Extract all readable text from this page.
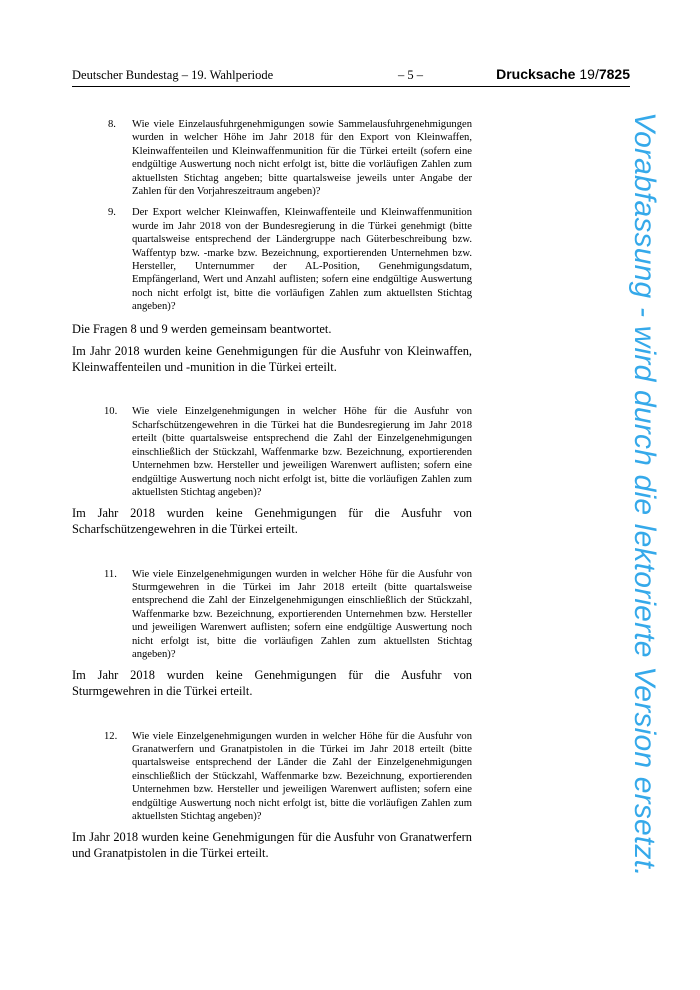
Deutscher Bundestag – 19. Wahlperiode	– 5 –	Drucksache 19/7825
8. Wie viele Einzelausfuhrgenehmigungen sowie Sammelausfuhrgenehmigungen wurden in welcher Höhe im Jahr 2018 für den Export von Kleinwaffen, Kleinwaffenteilen und Kleinwaffenmunition für die Türkei erteilt (sofern eine endgültige Auswertung noch nicht erfolgt ist, bitte die vorläufigen Zahlen zum aktuellsten Stichtag angeben; bitte quartalsweise jeweils unter Angabe der Zahlen für den Vorjahreszeitraum angeben)?
9. Der Export welcher Kleinwaffen, Kleinwaffenteile und Kleinwaffenmunition wurde im Jahr 2018 von der Bundesregierung in die Türkei genehmigt (bitte quartalsweise entsprechend der Ländergruppe nach Güterbeschreibung bzw. Waffentyp bzw. -marke bzw. Bezeichnung, exportierenden Unternehmen bzw. Hersteller, Unternummer der AL-Position, Genehmigungsdatum, Empfängerland, Wert und Anzahl auflisten; sofern eine endgültige Auswertung noch nicht erfolgt ist, bitte die vorläufigen Zahlen zum aktuellsten Stichtag angeben)?

Die Fragen 8 und 9 werden gemeinsam beantwortet.

Im Jahr 2018 wurden keine Genehmigungen für die Ausfuhr von Kleinwaffen, Kleinwaffenteilen und -munition in die Türkei erteilt.

10. Wie viele Einzelgenehmigungen in welcher Höhe für die Ausfuhr von Scharfschützengewehren in die Türkei hat die Bundesregierung im Jahr 2018 erteilt (bitte quartalsweise entsprechend die Zahl der Einzelgenehmigungen einschließlich der Stückzahl, Waffenmarke bzw. Bezeichnung, exportierenden Unternehmen bzw. Hersteller und jeweiligen Warenwert auflisten; sofern eine endgültige Auswertung noch nicht erfolgt ist, bitte die vorläufigen Zahlen zum aktuellsten Stichtag angeben)?

Im Jahr 2018 wurden keine Genehmigungen für die Ausfuhr von Scharfschützengewehren in die Türkei erteilt.

11. Wie viele Einzelgenehmigungen wurden in welcher Höhe für die Ausfuhr von Sturmgewehren in die Türkei im Jahr 2018 erteilt (bitte quartalsweise entsprechend die Zahl der Einzelgenehmigungen einschließlich der Stückzahl, Waffenmarke bzw. Bezeichnung, exportierenden Unternehmen bzw. Hersteller und jeweiligen Warenwert auflisten; sofern eine endgültige Auswertung noch nicht erfolgt ist, bitte die vorläufigen Zahlen zum aktuellsten Stichtag angeben)?

Im Jahr 2018 wurden keine Genehmigungen für die Ausfuhr von Sturmgewehren in die Türkei erteilt.

12. Wie viele Einzelgenehmigungen wurden in welcher Höhe für die Ausfuhr von Granatwerfern und Granatpistolen in die Türkei im Jahr 2018 erteilt (bitte quartalsweise entsprechend der Länder die Zahl der Einzelgenehmigungen einschließlich der Stückzahl, Waffenmarke bzw. Bezeichnung, exportierenden Unternehmen bzw. Hersteller und jeweiligen Warenwert auflisten; sofern eine endgültige Auswertung noch nicht erfolgt ist, bitte die vorläufigen Zahlen zum aktuellsten Stichtag angeben)?

Im Jahr 2018 wurden keine Genehmigungen für die Ausfuhr von Granatwerfern und Granatpistolen in die Türkei erteilt.	Vorabfassung - wird durch die lektorierte Version ersetzt.
